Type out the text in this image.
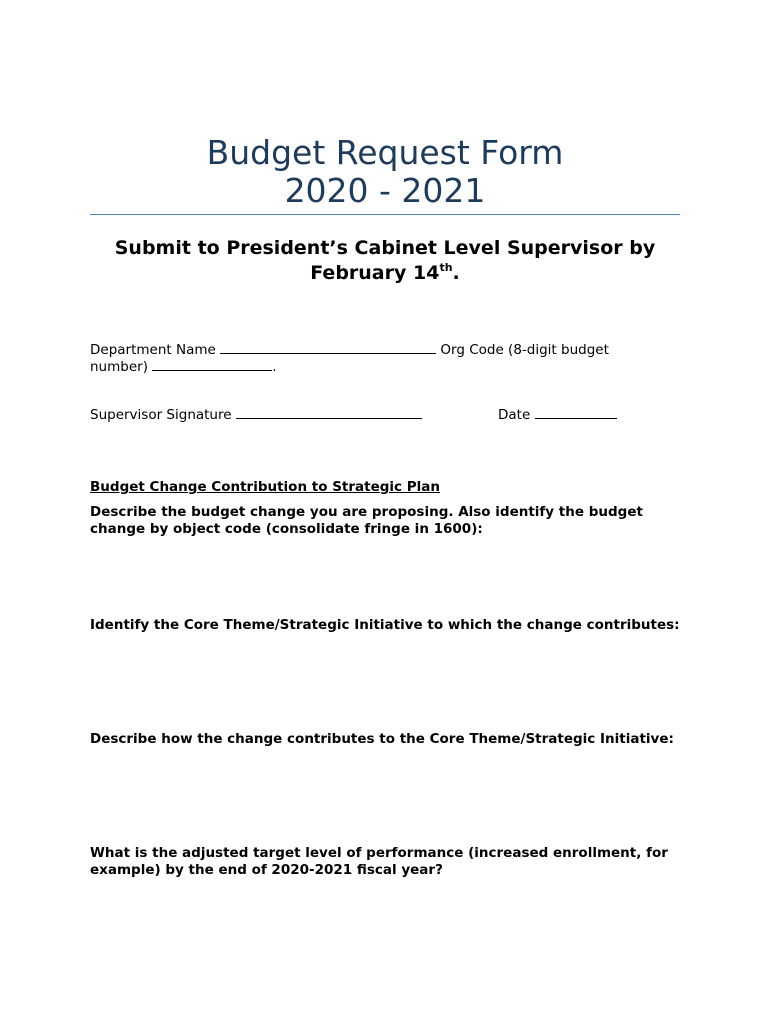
Budget Request Form
2020 - 2021

Submit to President’s Cabinet Level Supervisor by February 14th.

Department Name	Org Code (8-digit budget
number)	.
Supervisor Signature	Date

Budget Change Contribution to Strategic Plan

Describe the budget change you are proposing. Also identify the budget change by object code (consolidate fringe in 1600):

Identify the Core Theme/Strategic Initiative to which the change contributes:

Describe how the change contributes to the Core Theme/Strategic Initiative:

What is the adjusted target level of performance (increased enrollment, for example) by the end of 2020-2021 fiscal year?
